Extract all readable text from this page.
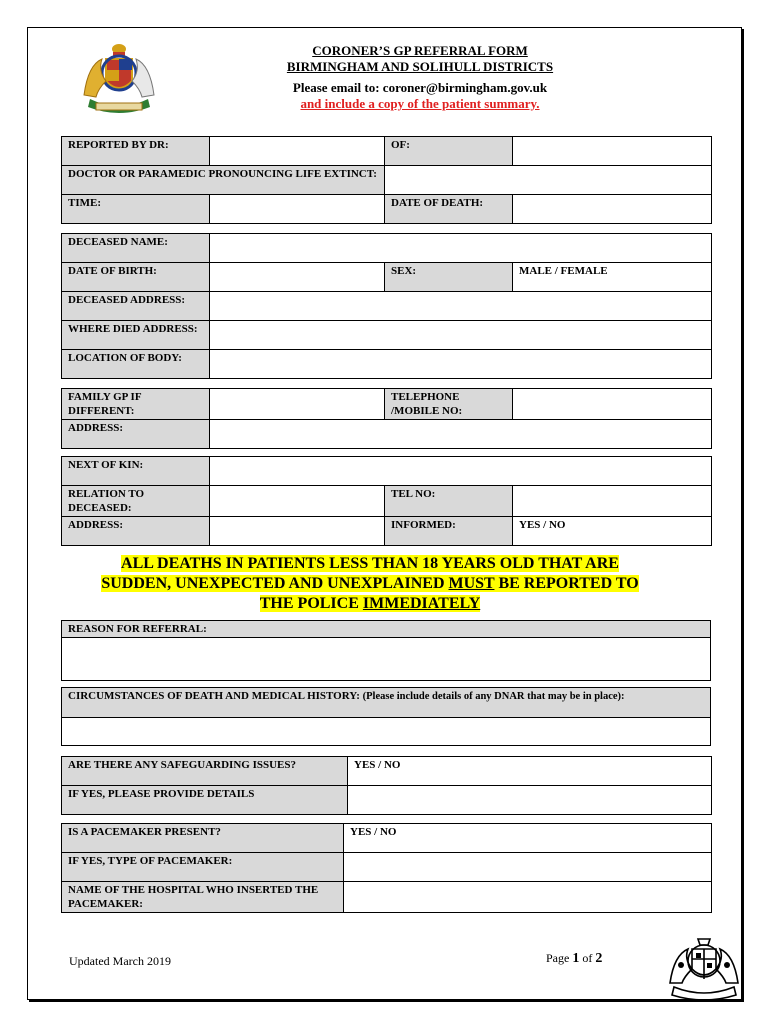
CORONER’S GP REFERRAL FORM
BIRMINGHAM AND SOLIHULL DISTRICTS
Please email to: coroner@birmingham.gov.uk
and include a copy of the patient summary.
REPORTED BY DR:		OF:	
DOCTOR OR PARAMEDIC PRONOUNCING LIFE EXTINCT:			
TIME:		DATE OF DEATH:	
DECEASED NAME:			
DATE OF BIRTH:		SEX:	MALE / FEMALE
DECEASED ADDRESS:			
WHERE DIED ADDRESS:			
LOCATION OF BODY:			
FAMILY GP IF DIFFERENT:		TELEPHONE /MOBILE NO:	
ADDRESS:			
NEXT OF KIN:			
RELATION TO DECEASED:		TEL NO:	
ADDRESS:		INFORMED:	YES / NO
ALL DEATHS IN PATIENTS LESS THAN 18 YEARS OLD THAT ARE
SUDDEN, UNEXPECTED AND UNEXPLAINED MUST BE REPORTED TO
THE POLICE IMMEDIATELY
REASON FOR REFERRAL:

CIRCUMSTANCES OF DEATH AND MEDICAL HISTORY: (Please include details of any DNAR that may be in place):

ARE THERE ANY SAFEGUARDING ISSUES?	YES / NO
IF YES, PLEASE PROVIDE DETAILS	
IS A PACEMAKER PRESENT?	YES / NO
IF YES, TYPE OF PACEMAKER:	
NAME OF THE HOSPITAL WHO INSERTED THE PACEMAKER:	
Updated March 2019	Page 1 of 2
